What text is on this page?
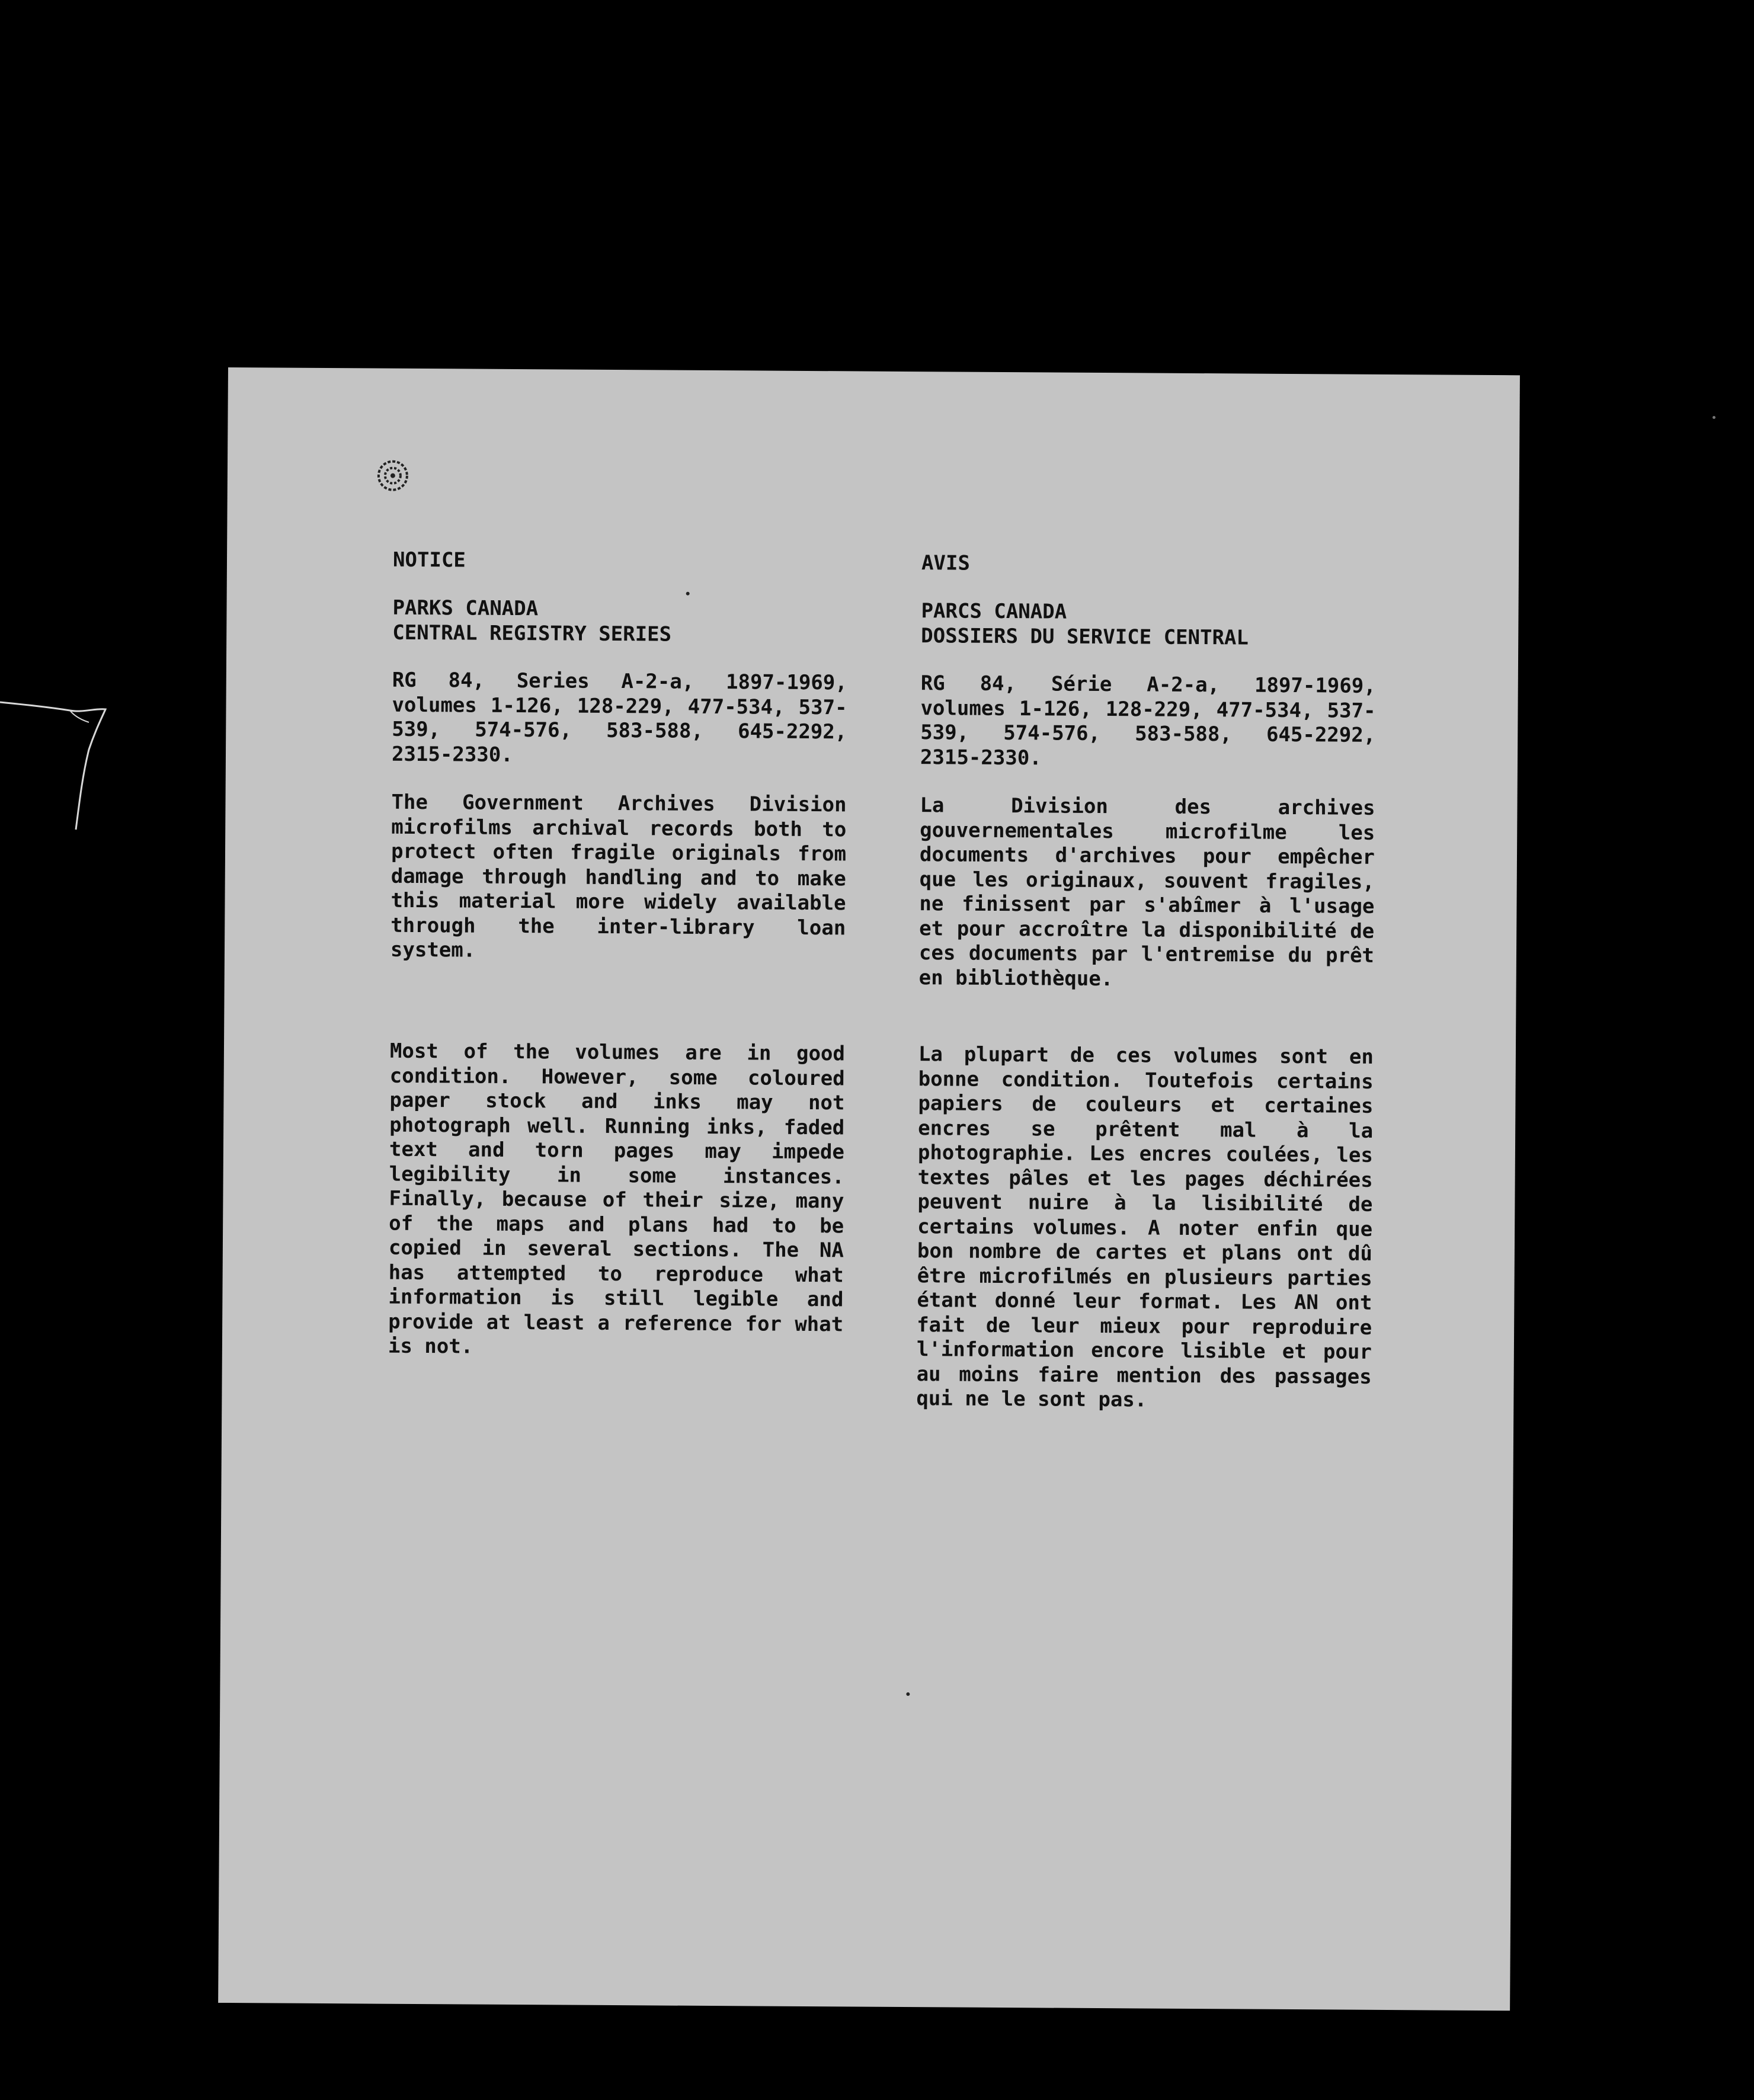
NOTICE

PARKS CANADA
CENTRAL REGISTRY SERIES

RG 84, Series A-2-a, 1897-1969, volumes 1-126, 128-229, 477-534, 537-539, 574-576, 583-588, 645-2292, 2315-2330.

The Government Archives Division microfilms archival records both to protect often fragile originals from damage through handling and to make this material more widely available through the inter-library loan system.

Most of the volumes are in good condition. However, some coloured paper stock and inks may not photograph well. Running inks, faded text and torn pages may impede legibility in some instances. Finally, because of their size, many of the maps and plans had to be copied in several sections. The NA has attempted to reproduce what information is still legible and provide at least a reference for what is not.

AVIS

PARCS CANADA
DOSSIERS DU SERVICE CENTRAL

RG 84, Série A-2-a, 1897-1969, volumes 1-126, 128-229, 477-534, 537-539, 574-576, 583-588, 645-2292, 2315-2330.

La Division des archives gouvernementales microfilme les documents d'archives pour empêcher que les originaux, souvent fragiles, ne finissent par s'abîmer à l'usage et pour accroître la disponibilité de ces documents par l'entremise du prêt en bibliothèque.

La plupart de ces volumes sont en bonne condition. Toutefois certains papiers de couleurs et certaines encres se prêtent mal à la photographie. Les encres coulées, les textes pâles et les pages déchirées peuvent nuire à la lisibilité de certains volumes. A noter enfin que bon nombre de cartes et plans ont dû être microfilmés en plusieurs parties étant donné leur format. Les AN ont fait de leur mieux pour reproduire l'information encore lisible et pour au moins faire mention des passages qui ne le sont pas.
